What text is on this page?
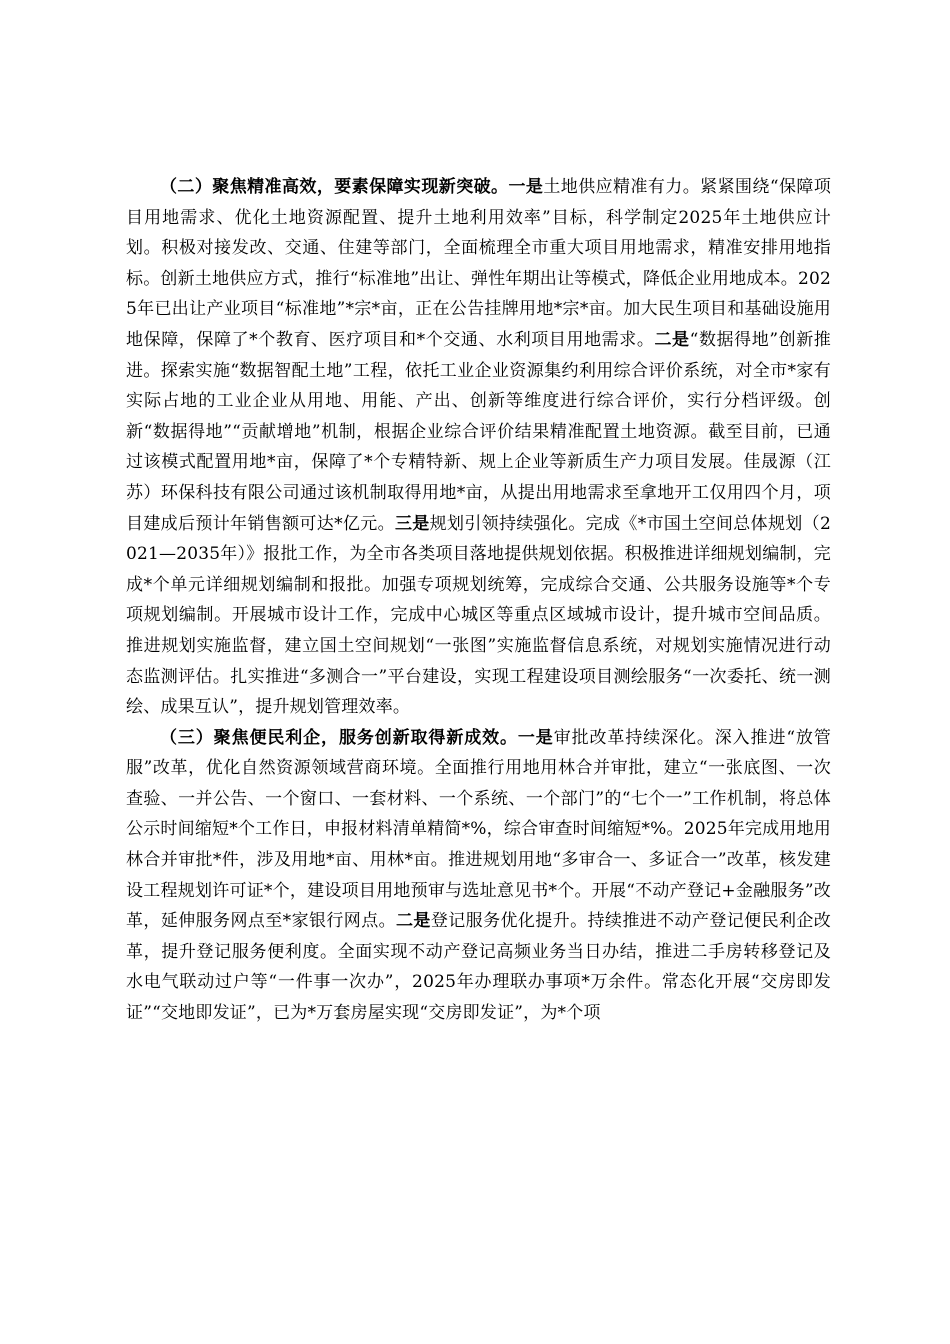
（二）聚焦精准高效，要素保障实现新突破。一是土地供应精准有力。紧紧围绕“保障项目用地需求、优化土地资源配置、提升土地利用效率”目标，科学制定2025年土地供应计划。积极对接发改、交通、住建等部门，全面梳理全市重大项目用地需求，精准安排用地指标。创新土地供应方式，推行“标准地”出让、弹性年期出让等模式，降低企业用地成本。2025年已出让产业项目“标准地”*宗*亩，正在公告挂牌用地*宗*亩。加大民生项目和基础设施用地保障，保障了*个教育、医疗项目和*个交通、水利项目用地需求。二是“数据得地”创新推进。探索实施“数据智配土地”工程，依托工业企业资源集约利用综合评价系统，对全市*家有实际占地的工业企业从用地、用能、产出、创新等维度进行综合评价，实行分档评级。创新“数据得地”“贡献增地”机制，根据企业综合评价结果精准配置土地资源。截至目前，已通过该模式配置用地*亩，保障了*个专精特新、规上企业等新质生产力项目发展。佳晟源（江苏）环保科技有限公司通过该机制取得用地*亩，从提出用地需求至拿地开工仅用四个月，项目建成后预计年销售额可达*亿元。三是规划引领持续强化。完成《*市国土空间总体规划（2021—2035年）》报批工作，为全市各类项目落地提供规划依据。积极推进详细规划编制，完成*个单元详细规划编制和报批。加强专项规划统筹，完成综合交通、公共服务设施等*个专项规划编制。开展城市设计工作，完成中心城区等重点区域城市设计，提升城市空间品质。推进规划实施监督，建立国土空间规划“一张图”实施监督信息系统，对规划实施情况进行动态监测评估。扎实推进“多测合一”平台建设，实现工程建设项目测绘服务“一次委托、统一测绘、成果互认”，提升规划管理效率。

（三）聚焦便民利企，服务创新取得新成效。一是审批改革持续深化。深入推进“放管服”改革，优化自然资源领域营商环境。全面推行用地用林合并审批，建立“一张底图、一次查验、一并公告、一个窗口、一套材料、一个系统、一个部门”的“七个一”工作机制，将总体公示时间缩短*个工作日，申报材料清单精简*%，综合审查时间缩短*%。2025年完成用地用林合并审批*件，涉及用地*亩、用林*亩。推进规划用地“多审合一、多证合一”改革，核发建设工程规划许可证*个，建设项目用地预审与选址意见书*个。开展“不动产登记+金融服务”改革，延伸服务网点至*家银行网点。二是登记服务优化提升。持续推进不动产登记便民利企改革，提升登记服务便利度。全面实现不动产登记高频业务当日办结，推进二手房转移登记及水电气联动过户等“一件事一次办”，2025年办理联办事项*万余件。常态化开展“交房即发证”“交地即发证”，已为*万套房屋实现“交房即发证”，为*个项
